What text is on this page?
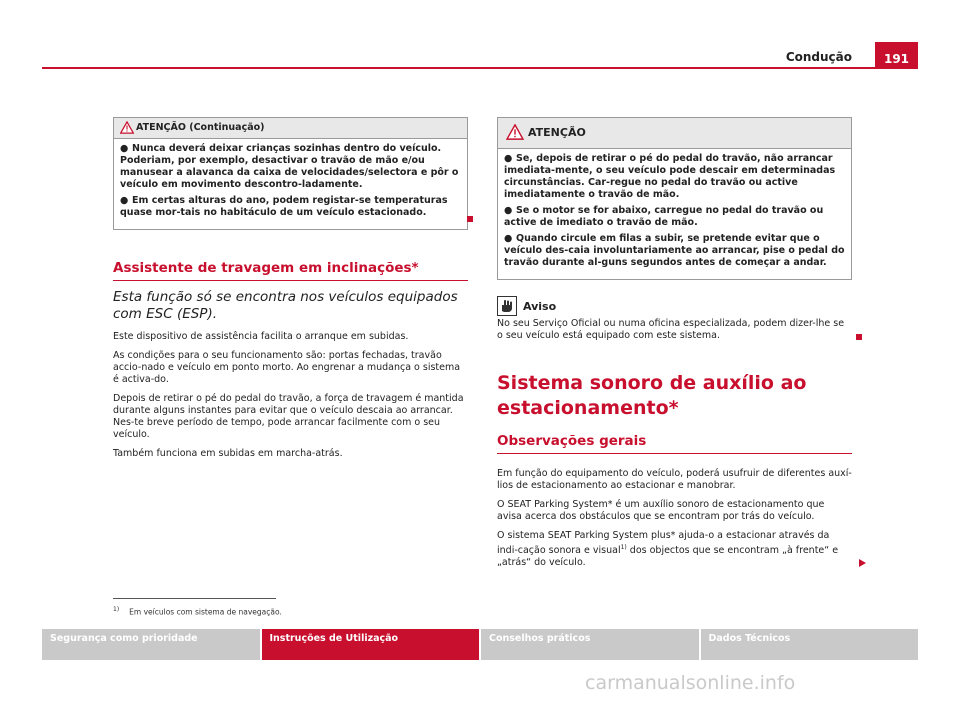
Condução	191
ATENÇÃO (Continuação)

● Nunca deverá deixar crianças sozinhas dentro do veículo. Poderiam, por exemplo, desactivar o travão de mão e/ou manusear a alavanca da caixa de velocidades/selectora e pôr o veículo em movimento descontro-ladamente.

● Em certas alturas do ano, podem registar-se temperaturas quase mor-tais no habitáculo de um veículo estacionado.

Assistente de travagem em inclinações*

Esta função só se encontra nos veículos equipados com ESC (ESP).

Este dispositivo de assistência facilita o arranque em subidas.

As condições para o seu funcionamento são: portas fechadas, travão accio-nado e veículo em ponto morto. Ao engrenar a mudança o sistema é activa-do.

Depois de retirar o pé do pedal do travão, a força de travagem é mantida durante alguns instantes para evitar que o veículo descaia ao arrancar. Nes-te breve período de tempo, pode arrancar facilmente com o seu veículo.

Também funciona em subidas em marcha-atrás.

ATENÇÃO

● Se, depois de retirar o pé do pedal do travão, não arrancar imediata-mente, o seu veículo pode descair em determinadas circunstâncias. Car-regue no pedal do travão ou active imediatamente o travão de mão.

● Se o motor se for abaixo, carregue no pedal do travão ou active de imediato o travão de mão.

● Quando circule em filas a subir, se pretende evitar que o veículo des-caia involuntariamente ao arrancar, pise o pedal do travão durante al-guns segundos antes de começar a andar.

Aviso

No seu Serviço Oficial ou numa oficina especializada, podem dizer-lhe se o seu veículo está equipado com este sistema.

Sistema sonoro de auxílio ao
estacionamento*
Observações gerais

Em função do equipamento do veículo, poderá usufruir de diferentes auxí-lios de estacionamento ao estacionar e manobrar.

O SEAT Parking System* é um auxílio sonoro de estacionamento que avisa acerca dos obstáculos que se encontram por trás do veículo.

O sistema SEAT Parking System plus* ajuda-o a estacionar através da indi-cação sonora e visual$^{1)}$ dos objectos que se encontram „à frente“ e „atrás“ do veículo.

$^{1)}$ Em veículos com sistema de navegação.
Segurança como prioridade	Instruções de Utilização	Conselhos práticos	Dados Técnicos
carmanualsonline.info
